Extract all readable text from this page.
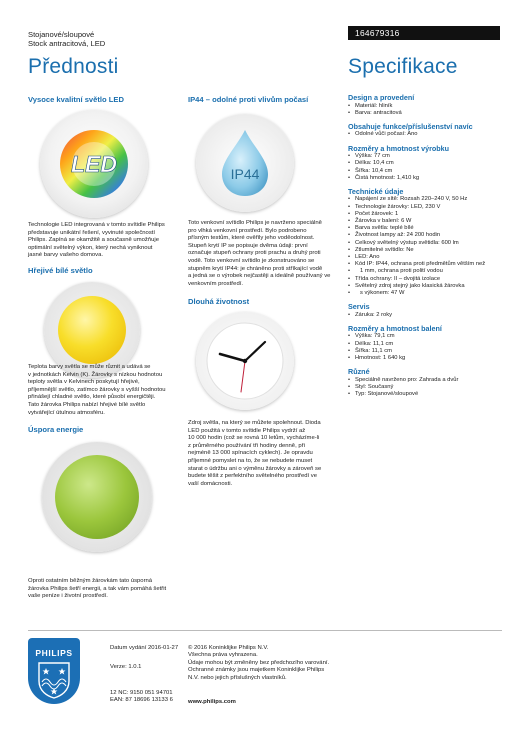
Stojanové/sloupové
Stock antracitová, LED
164679316
Přednosti	Specifikace
Vysoce kvalitní světlo LED
LED
Technologie LED integrovaná v tomto svítidle Philips
představuje unikátní řešení, vyvinuté společností
Philips. Zapíná se okamžitě a současně umožňuje
optimální světelný výkon, který nechá vyniknout
jasné barvy vašeho domova.
Hřejivé bílé světlo
Teplota barvy světla se může různit a udává se
v jednotkách Kelvin (K). Žárovky s nízkou hodnotou
teploty světla v Kelvinech poskytují hřejivé,
příjemnější světlo, zatímco žárovky s vyšší hodnotou
přinášejí chladné světlo, které působí energičtěji.
Tato žárovka Philips nabízí hřejivé bílé světlo
vytvářející útulnou atmosféru.
Úspora energie
Oproti ostatním běžným žárovkám tato úsporná
žárovka Philips šetří energii, a tak vám pomáhá šetřit
vaše peníze i životní prostředí.
IP44 – odolné proti vlivům počasí
IP44
Toto venkovní svítidlo Philips je navrženo speciálně
pro vlhká venkovní prostředí. Bylo podrobeno
přísným testům, které ověřily jeho voděodolnost.
Stupeň krytí IP se popisuje dvěma údaji: první
označuje stupeň ochrany proti prachu a druhý proti
vodě. Toto venkovní svítidlo je zkonstruováno se
stupněm krytí IP44: je chráněno proti stříkající vodě
a jedná se o výrobek nejčastěji a ideálně používaný ve
venkovním prostředí.
Dlouhá životnost
Zdroj světla, na který se můžete spolehnout. Dioda
LED použitá v tomto svítidle Philips vydrží až
10 000 hodin (což se rovná 10 letům, vycházíme-li
z průměrného používání tři hodiny denně, při
nejméně 13 000 spínacích cyklech). Je opravdu
příjemné pomyslet na to, že se nebudete muset
starat o údržbu ani o výměnu žárovky a zároveň se
budete těšit z perfektního světelného prostředí ve
vaší domácnosti.
Design a provedení
• Materiál: hliník
• Barva: antracitová
Obsahuje funkce/příslušenství navíc
• Odolné vůči počasí: Ano
Rozměry a hmotnost výrobku
• Výška: 77 cm
• Délka: 10,4 cm
• Šířka: 10,4 cm
• Čistá hmotnost: 1,410 kg
Technické údaje
• Napájení ze sítě: Rozsah 220–240 V, 50 Hz
• Technologie žárovky: LED, 230 V
• Počet žárovek: 1
• Žárovka v balení: 6 W
• Barva světla: teplé bílé
• Životnost lampy až: 24 200 hodin
• Celkový světelný výstup světidla: 600 lm
• Ztlumitelné svítidlo: Ne
• LED: Ano
• Kód IP: IP44, ochrana proti předmětům větším než
• 1 mm, ochrana proti polití vodou
• Třída ochrany: II – dvojitá izolace
• Světelný zdroj stejný jako klasická žárovka
• s výkonem: 47 W
Servis
• Záruka: 2 roky
Rozměry a hmotnost balení
• Výška: 79,1 cm
• Délka: 11,1 cm
• Šířka: 11,1 cm
• Hmotnost: 1 640 kg
Různé
• Speciálně navrženo pro: Zahrada a dvůr
• Styl: Současný
• Typ: Stojanové/sloupové
PHILIPS	Datum vydání 2016-01-27
Verze: 1.0.1
12 NC: 9150 051 94701
EAN: 87 18696 13133 6
© 2016 Koninklijke Philips N.V.
Všechna práva vyhrazena.
Údaje mohou být změněny bez předchozího varování.
Ochranné známky jsou majetkem Koninklijke Philips
N.V. nebo jejich příslušných vlastníků.
www.philips.com
